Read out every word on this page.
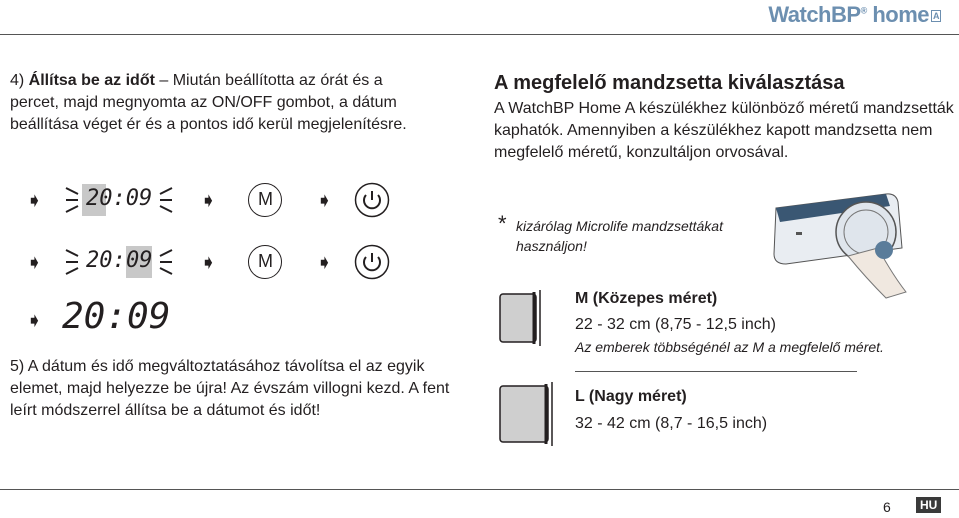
WatchBP® home A
4) Állítsa be az időt – Miután beállította az órát és a percet, majd megnyomta az ON/OFF gombot, a dátum beállítása véget ér és a pontos idő kerül megjelenítésre.
➧ 20:09 ➧ M ➧
➧ 20: 09 ➧ M ➧
➧ 20:09
5) A dátum és idő megváltoztatásához távolítsa el az egyik elemet, majd helyezze be újra! Az évszám villogni kezd. A fent leírt módszerrel állítsa be a dátumot és időt!
A megfelelő mandzsetta kiválasztása
A WatchBP Home A készülékhez különböző méretű mandzsetták kaphatók. Amennyiben a készülékhez kapott mandzsetta nem megfelelő méretű, konzultáljon orvosával.
* kizárólag Microlife mandzsettákat használjon!
M (Közepes méret)
22 - 32 cm (8,75 - 12,5 inch)
Az emberek többségénél az M a megfelelő méret.
L (Nagy méret)
32 - 42 cm (8,7 - 16,5 inch)
6	HU
